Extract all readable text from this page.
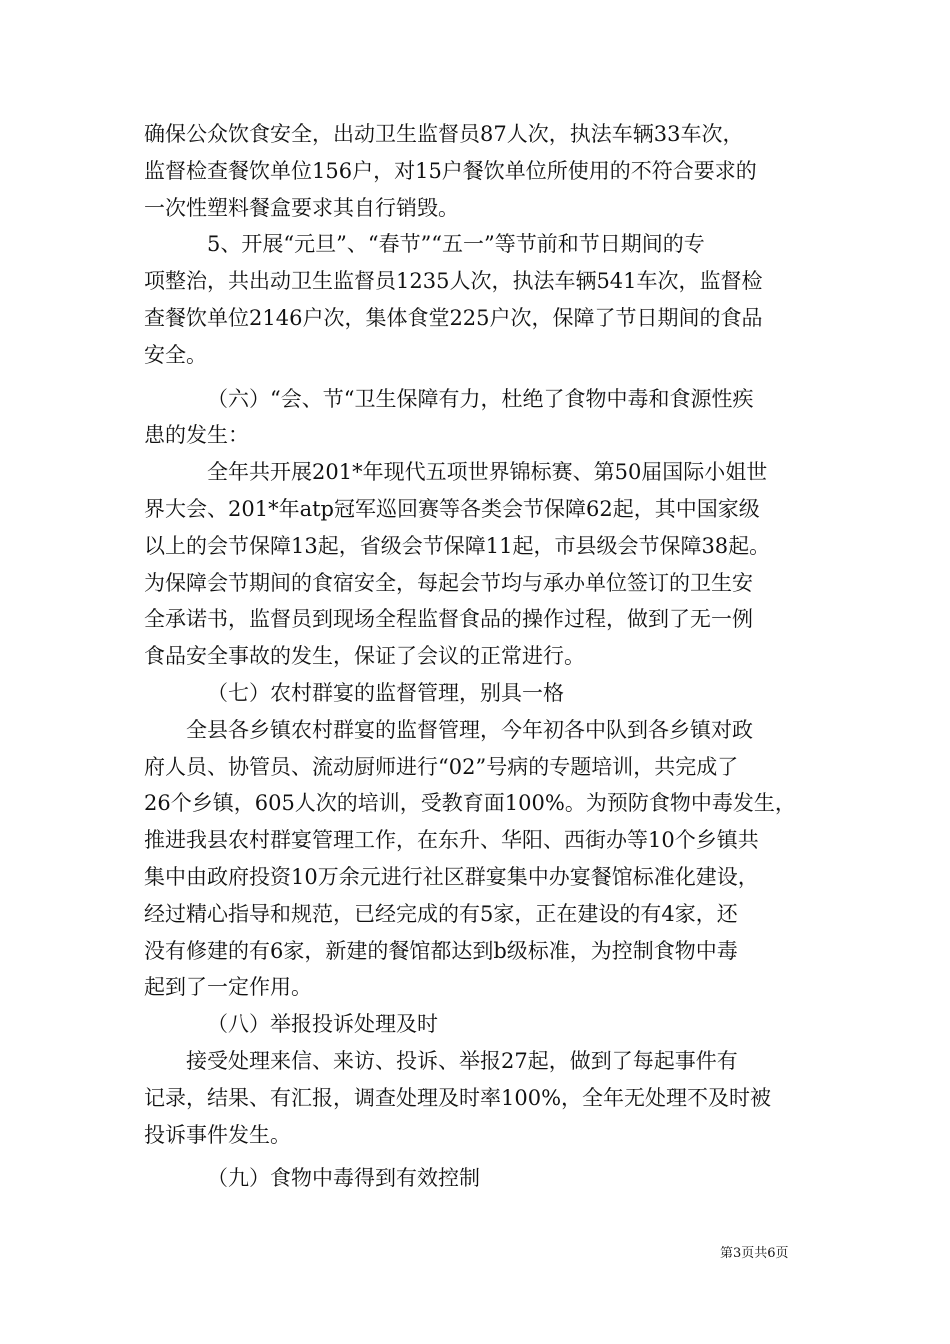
确保公众饮食安全，出动卫生监督员87人次，执法车辆33车次，
监督检查餐饮单位156户，对15户餐饮单位所使用的不符合要求的
一次性塑料餐盒要求其自行销毁。
5、开展“元旦”、“春节”“五一”等节前和节日期间的专
项整治，共出动卫生监督员1235人次，执法车辆541车次，监督检
查餐饮单位2146户次，集体食堂225户次，保障了节日期间的食品
安全。
（六）“会、节“卫生保障有力，杜绝了食物中毒和食源性疾
患的发生：
全年共开展201*年现代五项世界锦标赛、第50届国际小姐世
界大会、201*年atp冠军巡回赛等各类会节保障62起，其中国家级
以上的会节保障13起，省级会节保障11起，市县级会节保障38起。
为保障会节期间的食宿安全，每起会节均与承办单位签订的卫生安
全承诺书，监督员到现场全程监督食品的操作过程，做到了无一例
食品安全事故的发生，保证了会议的正常进行。
（七）农村群宴的监督管理，别具一格
全县各乡镇农村群宴的监督管理，今年初各中队到各乡镇对政
府人员、协管员、流动厨师进行“02”号病的专题培训，共完成了
26个乡镇，605人次的培训，受教育面100%。为预防食物中毒发生，
推进我县农村群宴管理工作，在东升、华阳、西街办等10个乡镇共
集中由政府投资10万余元进行社区群宴集中办宴餐馆标准化建设，
经过精心指导和规范，已经完成的有5家，正在建设的有4家，还
没有修建的有6家，新建的餐馆都达到b级标准，为控制食物中毒
起到了一定作用。
（八）举报投诉处理及时
接受处理来信、来访、投诉、举报27起，做到了每起事件有
记录，结果、有汇报，调查处理及时率100%，全年无处理不及时被
投诉事件发生。
（九）食物中毒得到有效控制
第3页共6页
